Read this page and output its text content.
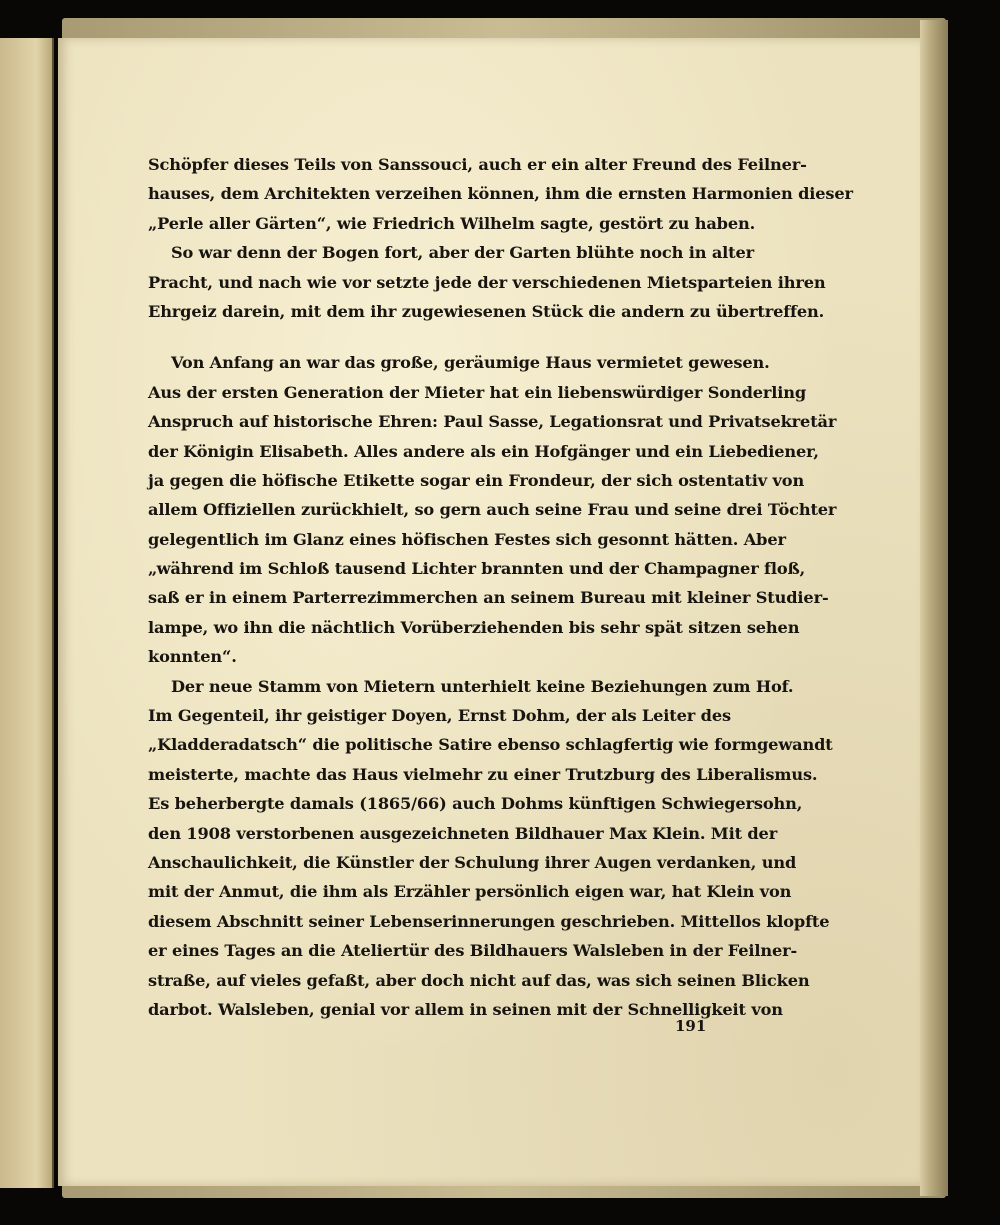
Schöpfer dieses Teils von Sanssouci, auch er ein alter Freund des Feilner-
hauses, dem Architekten verzeihen können, ihm die ernsten Harmonien dieser
„Perle aller Gärten“, wie Friedrich Wilhelm sagte, gestört zu haben.
So war denn der Bogen fort, aber der Garten blühte noch in alter
Pracht, und nach wie vor setzte jede der verschiedenen Mietsparteien ihren
Ehrgeiz darein, mit dem ihr zugewiesenen Stück die andern zu übertreffen.
Von Anfang an war das große, geräumige Haus vermietet gewesen.
Aus der ersten Generation der Mieter hat ein liebenswürdiger Sonderling
Anspruch auf historische Ehren: Paul Sasse, Legationsrat und Privatsekretär
der Königin Elisabeth. Alles andere als ein Hofgänger und ein Liebediener,
ja gegen die höfische Etikette sogar ein Frondeur, der sich ostentativ von
allem Offiziellen zurückhielt, so gern auch seine Frau und seine drei Töchter
gelegentlich im Glanz eines höfischen Festes sich gesonnt hätten. Aber
„während im Schloß tausend Lichter brannten und der Champagner floß,
saß er in einem Parterrezimmerchen an seinem Bureau mit kleiner Studier-
lampe, wo ihn die nächtlich Vorüberziehenden bis sehr spät sitzen sehen
konnten“.
Der neue Stamm von Mietern unterhielt keine Beziehungen zum Hof.
Im Gegenteil, ihr geistiger Doyen, Ernst Dohm, der als Leiter des
„Kladderadatsch“ die politische Satire ebenso schlagfertig wie formgewandt
meisterte, machte das Haus vielmehr zu einer Trutzburg des Liberalismus.
Es beherbergte damals (1865/66) auch Dohms künftigen Schwiegersohn,
den 1908 verstorbenen ausgezeichneten Bildhauer Max Klein. Mit der
Anschaulichkeit, die Künstler der Schulung ihrer Augen verdanken, und
mit der Anmut, die ihm als Erzähler persönlich eigen war, hat Klein von
diesem Abschnitt seiner Lebenserinnerungen geschrieben. Mittellos klopfte
er eines Tages an die Ateliertür des Bildhauers Walsleben in der Feilner-
straße, auf vieles gefaßt, aber doch nicht auf das, was sich seinen Blicken
darbot. Walsleben, genial vor allem in seinen mit der Schnelligkeit von
191
